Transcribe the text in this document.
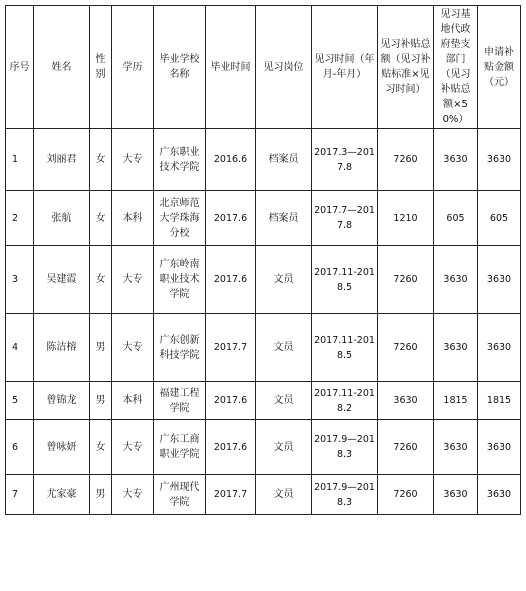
序号	姓名	性别	学历	毕业学校名称	毕业时间	见习岗位	见习时间（年月-年月）	见习补贴总额（见习补贴标准×见习时间）	见习基地代政府垫支部门（见习补贴总额×50%）	申请补贴金额（元）

1	刘丽君	女	大专	广东职业技术学院	2016.6	档案员	2017.3—2017.8	7260	3630	3630

2	张航	女	本科	北京师范大学珠海分校	2017.6	档案员	2017.7—2017.8	1210	605	605

3	吴建霞	女	大专	广东岭南职业技术学院	2017.6	文员	2017.11-2018.5	7260	3630	3630

4	陈洁榕	男	大专	广东创新科技学院	2017.7	文员	2017.11-2018.5	7260	3630	3630

5	曾锦龙	男	本科	福建工程学院	2017.6	文员	2017.11-2018.2	3630	1815	1815

6	曾咏妍	女	大专	广东工商职业学院	2017.6	文员	2017.9—2018.3	7260	3630	3630

7	尤家豪	男	大专	广州现代学院	2017.7	文员	2017.9—2018.3	7260	3630	3630
